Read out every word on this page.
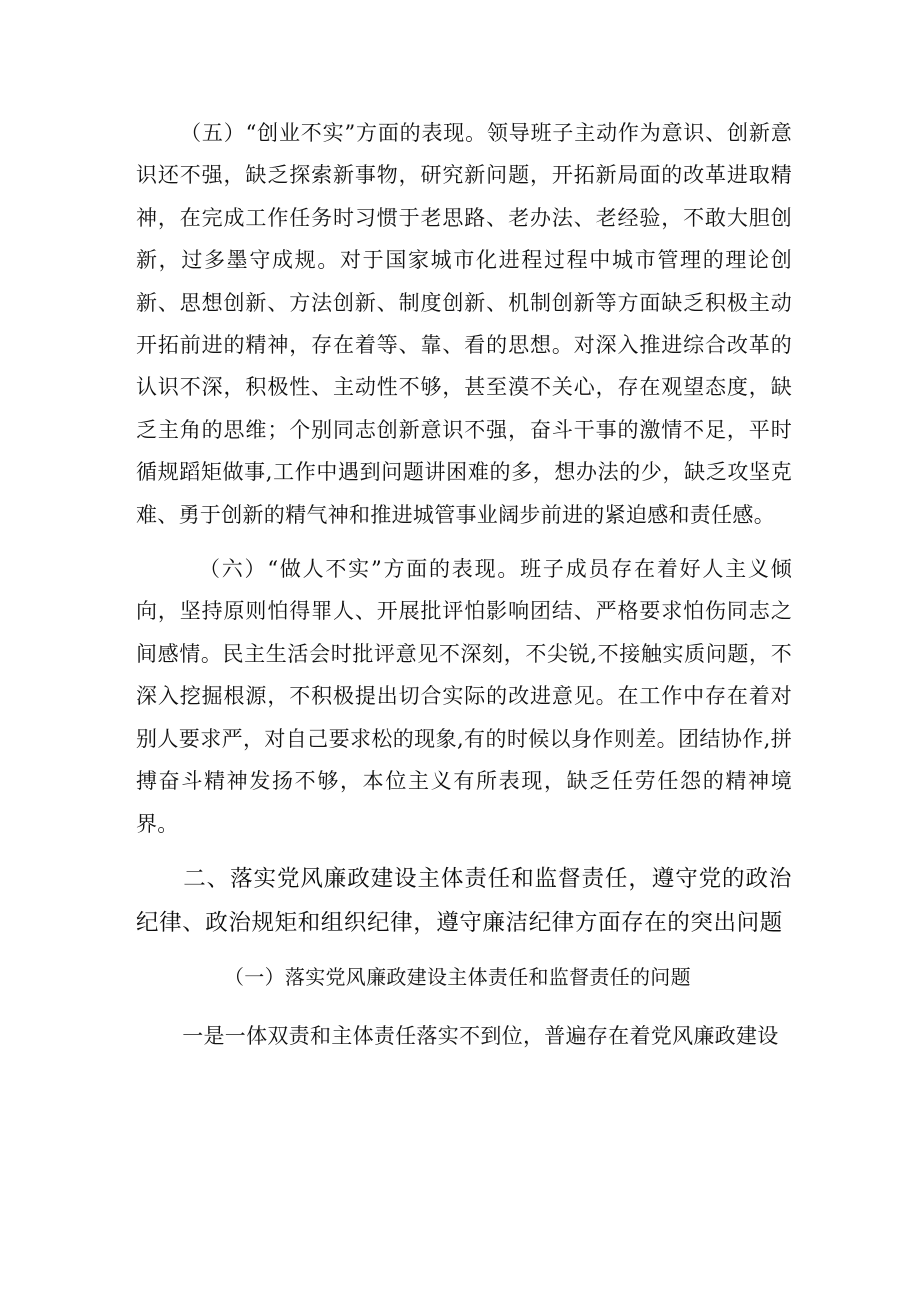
（五）“创业不实”方面的表现。领导班子主动作为意识、创新意识还不强，缺乏探索新事物，研究新问题，开拓新局面的改革进取精神，在完成工作任务时习惯于老思路、老办法、老经验，不敢大胆创新，过多墨守成规。对于国家城市化进程过程中城市管理的理论创新、思想创新、方法创新、制度创新、机制创新等方面缺乏积极主动开拓前进的精神，存在着等、靠、看的思想。对深入推进综合改革的认识不深，积极性、主动性不够，甚至漠不关心，存在观望态度，缺乏主角的思维；个别同志创新意识不强，奋斗干事的激情不足，平时循规蹈矩做事,工作中遇到问题讲困难的多，想办法的少，缺乏攻坚克难、勇于创新的精气神和推进城管事业阔步前进的紧迫感和责任感。

（六）“做人不实”方面的表现。班子成员存在着好人主义倾向，坚持原则怕得罪人、开展批评怕影响团结、严格要求怕伤同志之间感情。民主生活会时批评意见不深刻，不尖锐,不接触实质问题，不深入挖掘根源，不积极提出切合实际的改进意见。在工作中存在着对别人要求严，对自己要求松的现象,有的时候以身作则差。团结协作,拼搏奋斗精神发扬不够，本位主义有所表现，缺乏任劳任怨的精神境界。

二、落实党风廉政建设主体责任和监督责任，遵守党的政治纪律、政治规矩和组织纪律，遵守廉洁纪律方面存在的突出问题

（一）落实党风廉政建设主体责任和监督责任的问题

一是一体双责和主体责任落实不到位，普遍存在着党风廉政建设
